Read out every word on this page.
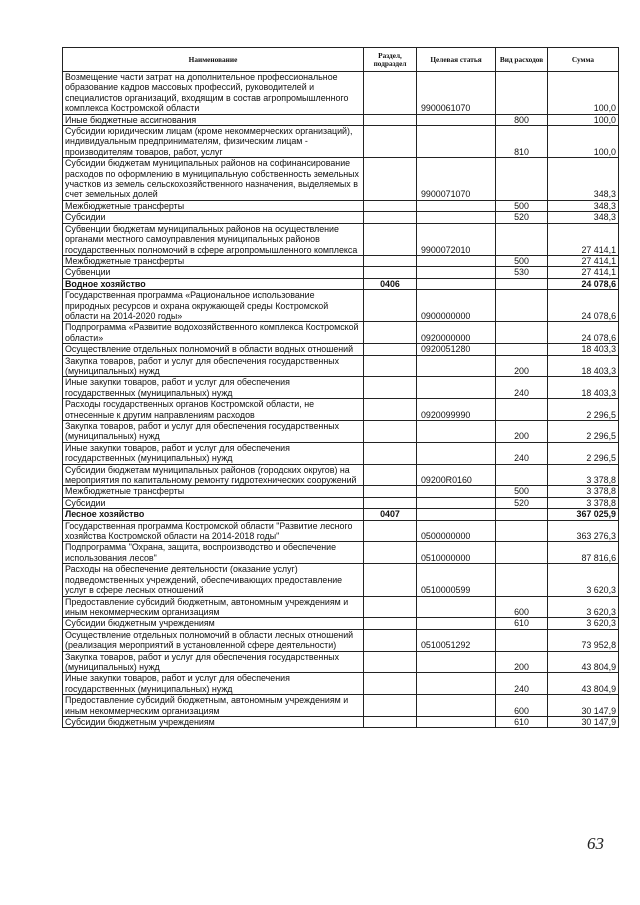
Наименование	Раздел, подраздел	Целевая статья	Вид расходов	Сумма
Возмещение части затрат на дополнительное профессиональное образование кадров массовых профессий, руководителей и специалистов организаций, входящим в состав агропромышленного комплекса Костромской области		9900061070		100,0
Иные бюджетные ассигнования			800	100,0
Субсидии юридическим лицам (кроме некоммерческих организаций), индивидуальным предпринимателям, физическим лицам - производителям товаров, работ, услуг			810	100,0
Субсидии бюджетам муниципальных районов на софинансирование расходов по оформлению в муниципальную собственность земельных участков из земель сельскохозяйственного назначения, выделяемых в счет земельных долей		9900071070		348,3
Межбюджетные трансферты			500	348,3
Субсидии			520	348,3
Субвенции бюджетам муниципальных районов на осуществление органами местного самоуправления муниципальных районов государственных полномочий в сфере агропромышленного комплекса		9900072010		27 414,1
Межбюджетные трансферты			500	27 414,1
Субвенции			530	27 414,1
Водное хозяйство	0406			24 078,6
Государственная программа «Рациональное использование природных ресурсов и охрана окружающей среды Костромской области на 2014-2020 годы»		0900000000		24 078,6
Подпрограмма «Развитие водохозяйственного комплекса Костромской области»		0920000000		24 078,6
Осуществление отдельных полномочий в области водных отношений		0920051280		18 403,3
Закупка товаров, работ и услуг для обеспечения государственных (муниципальных) нужд			200	18 403,3
Иные закупки товаров, работ и услуг для обеспечения государственных (муниципальных) нужд			240	18 403,3
Расходы государственных органов Костромской области, не отнесенные к другим направлениям расходов		0920099990		2 296,5
Закупка товаров, работ и услуг для обеспечения государственных (муниципальных) нужд			200	2 296,5
Иные закупки товаров, работ и услуг для обеспечения государственных (муниципальных) нужд			240	2 296,5
Субсидии бюджетам муниципальных районов (городских округов) на мероприятия по капитальному ремонту гидротехнических сооружений		09200R0160		3 378,8
Межбюджетные трансферты			500	3 378,8
Субсидии			520	3 378,8
Лесное хозяйство	0407			367 025,9
Государственная программа Костромской области "Развитие лесного хозяйства Костромской области на 2014-2018 годы"		0500000000		363 276,3
Подпрограмма "Охрана, защита, воспроизводство и обеспечение использования лесов"		0510000000		87 816,6
Расходы на обеспечение деятельности (оказание услуг) подведомственных учреждений, обеспечивающих предоставление услуг в сфере лесных отношений		0510000599		3 620,3
Предоставление субсидий бюджетным, автономным учреждениям и иным некоммерческим организациям			600	3 620,3
Субсидии бюджетным учреждениям			610	3 620,3
Осуществление отдельных полномочий в области лесных отношений (реализация мероприятий в установленной сфере деятельности)		0510051292		73 952,8
Закупка товаров, работ и услуг для обеспечения государственных (муниципальных) нужд			200	43 804,9
Иные закупки товаров, работ и услуг для обеспечения государственных (муниципальных) нужд			240	43 804,9
Предоставление субсидий бюджетным, автономным учреждениям и иным некоммерческим организациям			600	30 147,9
Субсидии бюджетным учреждениям			610	30 147,9
63
